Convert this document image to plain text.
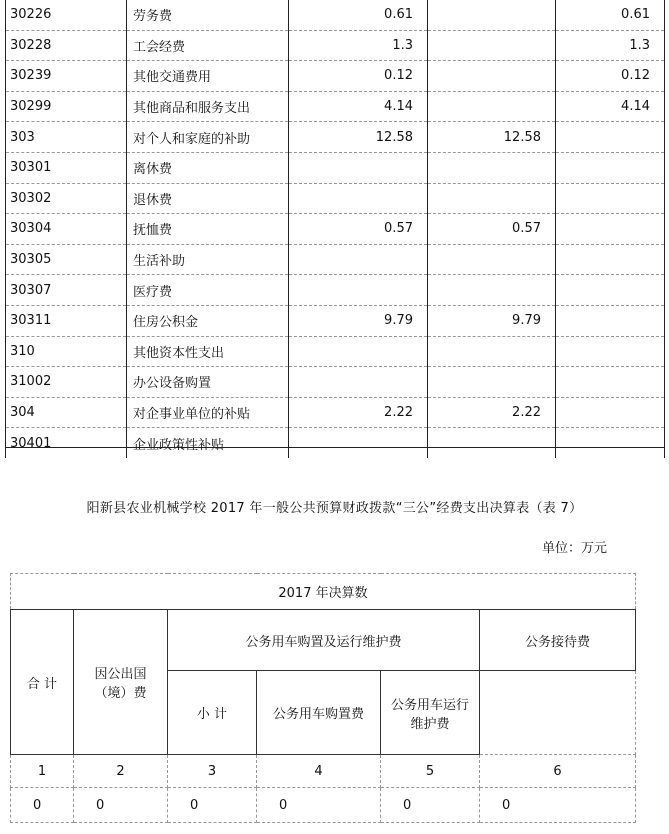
30226	劳务费	0.61		0.61
30228	工会经费	1.3		1.3
30239	其他交通费用	0.12		0.12
30299	其他商品和服务支出	4.14		4.14
303	对个人和家庭的补助	12.58	12.58	
30301	离休费			
30302	退休费			
30304	抚恤费	0.57	0.57	
30305	生活补助			
30307	医疗费			
30311	住房公积金	9.79	9.79	
310	其他资本性支出			
31002	办公设备购置			
304	对企事业单位的补贴	2.22	2.22	
30401	企业政策性补贴			
阳新县农业机械学校 2017 年一般公共预算财政拨款“三公”经费支出决算表（表 7）
单位：万元
2017 年决算数					
合 计	因公出国（境）费	公务用车购置及运行维护费			公务接待费
		小 计	公务用车购置费	公务用车运行维护费	
1	2	3	4	5	6
0	0	0	0	0	0
